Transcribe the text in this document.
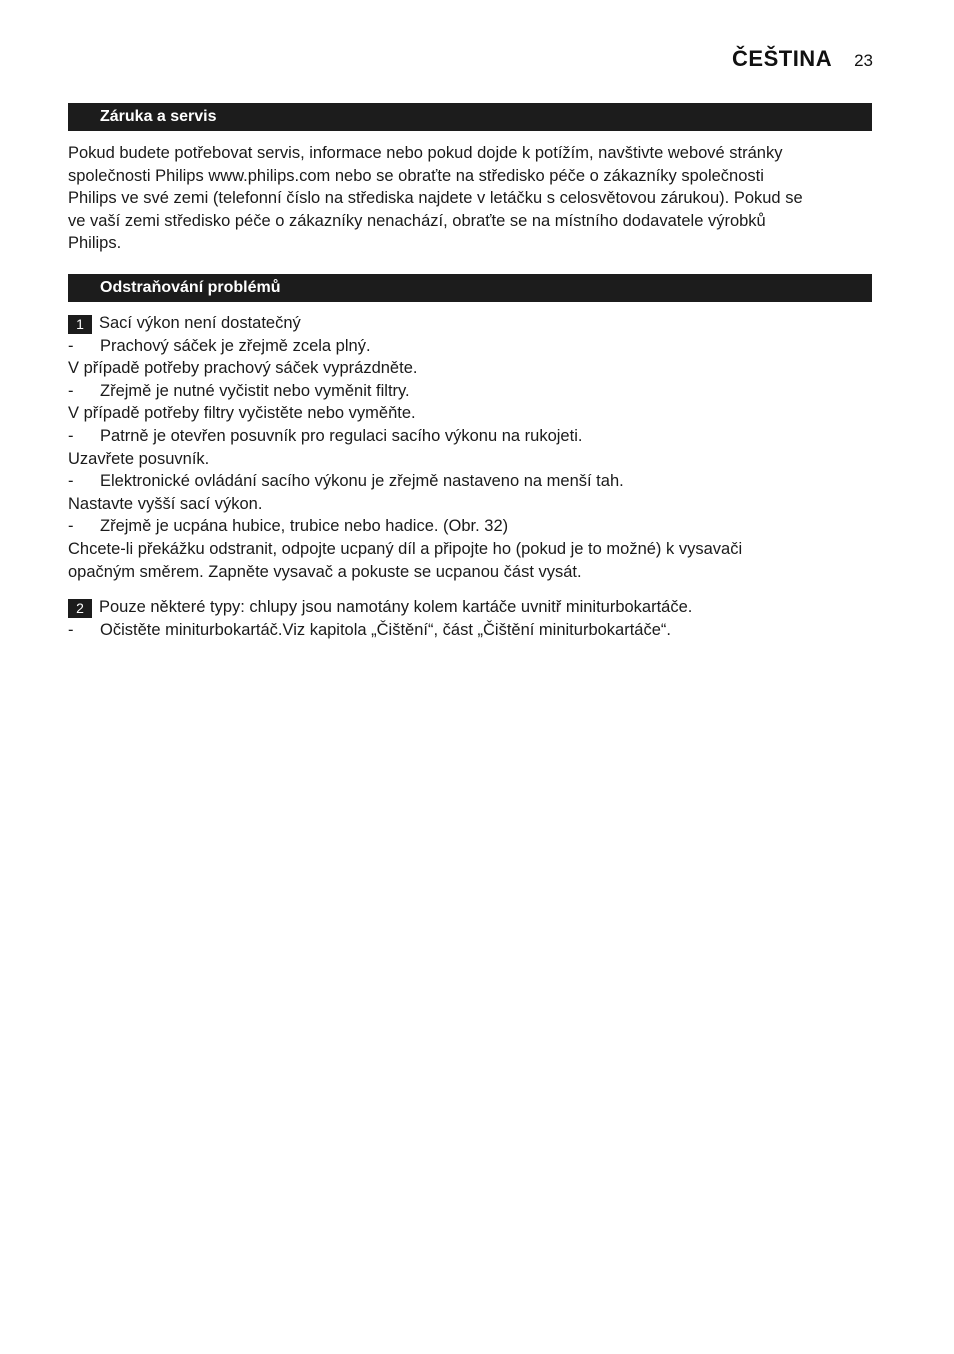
ČEŠTINA 23
Záruka a servis

Pokud budete potřebovat servis, informace nebo pokud dojde k potížím, navštivte webové stránky

společnosti Philips www.philips.com nebo se obraťte na středisko péče o zákazníky společnosti

Philips ve své zemi (telefonní číslo na střediska najdete v letáčku s celosvětovou zárukou). Pokud se

ve vaší zemi středisko péče o zákazníky nenachází, obraťte se na místního dodavatele výrobků

Philips.

Odstraňování problémů
1 Sací výkon není dostatečný
-	Prachový sáček je zřejmě zcela plný.

V případě potřeby prachový sáček vyprázdněte.

-	Zřejmě je nutné vyčistit nebo vyměnit filtry.

V případě potřeby filtry vyčistěte nebo vyměňte.

-	Patrně je otevřen posuvník pro regulaci sacího výkonu na rukojeti.

Uzavřete posuvník.

-	Elektronické ovládání sacího výkonu je zřejmě nastaveno na menší tah.

Nastavte vyšší sací výkon.

-	Zřejmě je ucpána hubice, trubice nebo hadice. (Obr. 32)

Chcete-li překážku odstranit, odpojte ucpaný díl a připojte ho (pokud je to možné) k vysavači

opačným směrem. Zapněte vysavač a pokuste se ucpanou část vysát.

2 Pouze některé typy: chlupy jsou namotány kolem kartáče uvnitř miniturbokartáče.
-	Očistěte miniturbokartáč.Viz kapitola „Čištění“, část „Čištění miniturbokartáče“.
